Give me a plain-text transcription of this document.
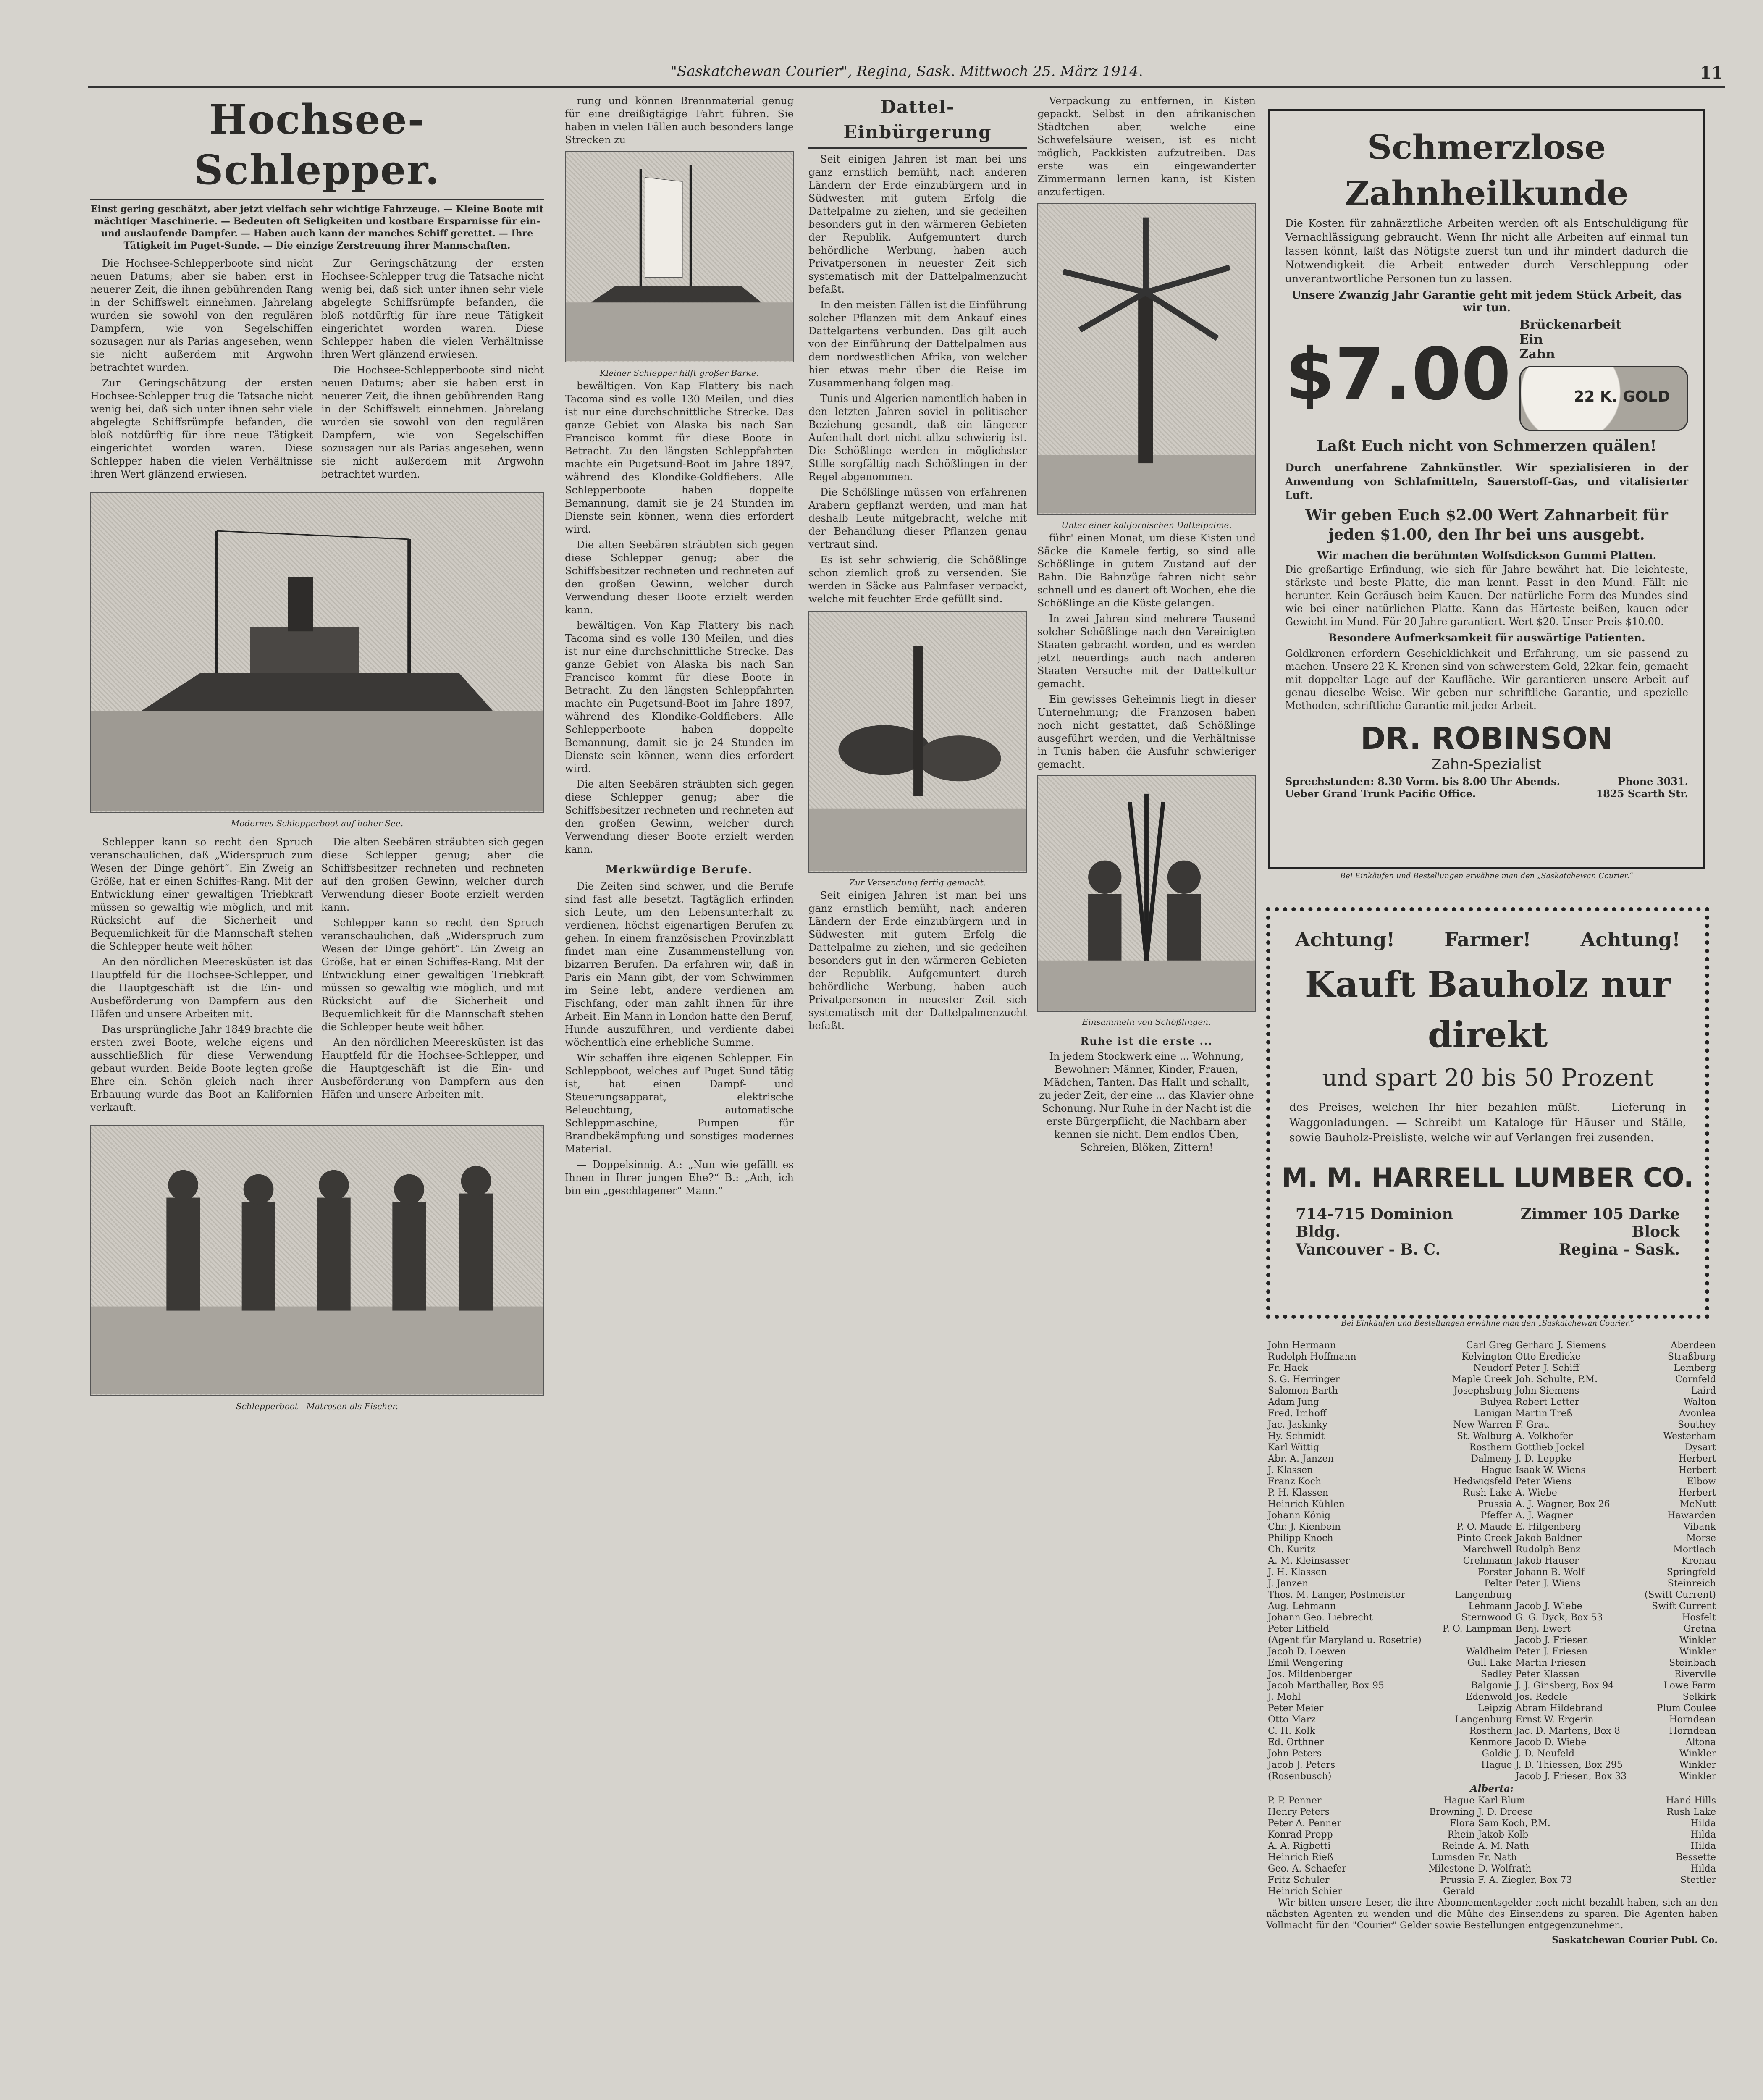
"Saskatchewan Courier", Regina, Sask. Mittwoch 25. März 1914.	11
Hochsee-Schlepper.
Einst gering geschätzt, aber jetzt vielfach sehr wichtige Fahrzeuge. — Kleine Boote mit mächtiger Maschinerie. — Bedeuten oft Seligkeiten und kostbare Ersparnisse für ein- und auslaufende Dampfer. — Haben auch kann der manches Schiff gerettet. — Ihre Tätigkeit im Puget-Sunde. — Die einzige Zerstreuung ihrer Mannschaften.

Die Hochsee-Schlepperboote sind nicht neuen Datums; aber sie haben erst in neuerer Zeit, die ihnen gebührenden Rang in der Schiffswelt einnehmen. Jahrelang wurden sie sowohl von den regulären Dampfern, wie von Segelschiffen sozusagen nur als Parias angesehen, wenn sie nicht außerdem mit Argwohn betrachtet wurden.

Zur Geringschätzung der ersten Hochsee-Schlepper trug die Tatsache nicht wenig bei, daß sich unter ihnen sehr viele abgelegte Schiffsrümpfe befanden, die bloß notdürftig für ihre neue Tätigkeit eingerichtet worden waren. Diese Schlepper haben die vielen Verhältnisse ihren Wert glänzend erwiesen.

Zur Geringschätzung der ersten Hochsee-Schlepper trug die Tatsache nicht wenig bei, daß sich unter ihnen sehr viele abgelegte Schiffsrümpfe befanden, die bloß notdürftig für ihre neue Tätigkeit eingerichtet worden waren. Diese Schlepper haben die vielen Verhältnisse ihren Wert glänzend erwiesen.

Die Hochsee-Schlepperboote sind nicht neuen Datums; aber sie haben erst in neuerer Zeit, die ihnen gebührenden Rang in der Schiffswelt einnehmen. Jahrelang wurden sie sowohl von den regulären Dampfern, wie von Segelschiffen sozusagen nur als Parias angesehen, wenn sie nicht außerdem mit Argwohn betrachtet wurden.

Modernes Schlepperboot auf hoher See.

Schlepper kann so recht den Spruch veranschaulichen, daß „Widerspruch zum Wesen der Dinge gehört“. Ein Zweig an Größe, hat er einen Schiffes-Rang. Mit der Entwicklung einer gewaltigen Triebkraft müssen so gewaltig wie möglich, und mit Rücksicht auf die Sicherheit und Bequemlichkeit für die Mannschaft stehen die Schlepper heute weit höher.

An den nördlichen Meeresküsten ist das Hauptfeld für die Hochsee-Schlepper, und die Hauptgeschäft ist die Ein- und Ausbeförderung von Dampfern aus den Häfen und unsere Arbeiten mit.

Das ursprüngliche Jahr 1849 brachte die ersten zwei Boote, welche eigens und ausschließlich für diese Verwendung gebaut wurden. Beide Boote legten große Ehre ein. Schön gleich nach ihrer Erbauung wurde das Boot an Kalifornien verkauft.

Die alten Seebären sträubten sich gegen diese Schlepper genug; aber die Schiffsbesitzer rechneten und rechneten auf den großen Gewinn, welcher durch Verwendung dieser Boote erzielt werden kann.

Schlepper kann so recht den Spruch veranschaulichen, daß „Widerspruch zum Wesen der Dinge gehört“. Ein Zweig an Größe, hat er einen Schiffes-Rang. Mit der Entwicklung einer gewaltigen Triebkraft müssen so gewaltig wie möglich, und mit Rücksicht auf die Sicherheit und Bequemlichkeit für die Mannschaft stehen die Schlepper heute weit höher.

An den nördlichen Meeresküsten ist das Hauptfeld für die Hochsee-Schlepper, und die Hauptgeschäft ist die Ein- und Ausbeförderung von Dampfern aus den Häfen und unsere Arbeiten mit.

Schlepperboot - Matrosen als Fischer.

rung und können Brennmaterial genug für eine dreißigtägige Fahrt führen. Sie haben in vielen Fällen auch besonders lange Strecken zu

Kleiner Schlepper hilft großer Barke.

bewältigen. Von Kap Flattery bis nach Tacoma sind es volle 130 Meilen, und dies ist nur eine durchschnittliche Strecke. Das ganze Gebiet von Alaska bis nach San Francisco kommt für diese Boote in Betracht. Zu den längsten Schleppfahrten machte ein Pugetsund-Boot im Jahre 1897, während des Klondike-Goldfiebers. Alle Schlepperboote haben doppelte Bemannung, damit sie je 24 Stunden im Dienste sein können, wenn dies erfordert wird.

Die alten Seebären sträubten sich gegen diese Schlepper genug; aber die Schiffsbesitzer rechneten und rechneten auf den großen Gewinn, welcher durch Verwendung dieser Boote erzielt werden kann.

bewältigen. Von Kap Flattery bis nach Tacoma sind es volle 130 Meilen, und dies ist nur eine durchschnittliche Strecke. Das ganze Gebiet von Alaska bis nach San Francisco kommt für diese Boote in Betracht. Zu den längsten Schleppfahrten machte ein Pugetsund-Boot im Jahre 1897, während des Klondike-Goldfiebers. Alle Schlepperboote haben doppelte Bemannung, damit sie je 24 Stunden im Dienste sein können, wenn dies erfordert wird.

Die alten Seebären sträubten sich gegen diese Schlepper genug; aber die Schiffsbesitzer rechneten und rechneten auf den großen Gewinn, welcher durch Verwendung dieser Boote erzielt werden kann.

Merkwürdige Berufe.

Die Zeiten sind schwer, und die Berufe sind fast alle besetzt. Tagtäglich erfinden sich Leute, um den Lebensunterhalt zu verdienen, höchst eigenartigen Berufen zu gehen. In einem französischen Provinzblatt findet man eine Zusammenstellung von bizarren Berufen. Da erfahren wir, daß in Paris ein Mann gibt, der vom Schwimmen im Seine lebt, andere verdienen am Fischfang, oder man zahlt ihnen für ihre Arbeit. Ein Mann in London hatte den Beruf, Hunde auszuführen, und verdiente dabei wöchentlich eine erhebliche Summe.

Wir schaffen ihre eigenen Schlepper. Ein Schleppboot, welches auf Puget Sund tätig ist, hat einen Dampf- und Steuerungsapparat, elektrische Beleuchtung, automatische Schleppmaschine, Pumpen für Brandbekämpfung und sonstiges modernes Material.

— Doppelsinnig. A.: „Nun wie gefällt es Ihnen in Ihrer jungen Ehe?“ B.: „Ach, ich bin ein „geschlagener“ Mann.“

Dattel-Einbürgerung

Seit einigen Jahren ist man bei uns ganz ernstlich bemüht, nach anderen Ländern der Erde einzubürgern und in Südwesten mit gutem Erfolg die Dattelpalme zu ziehen, und sie gedeihen besonders gut in den wärmeren Gebieten der Republik. Aufgemuntert durch behördliche Werbung, haben auch Privatpersonen in neuester Zeit sich systematisch mit der Dattelpalmenzucht befaßt.

In den meisten Fällen ist die Einführung solcher Pflanzen mit dem Ankauf eines Dattelgartens verbunden. Das gilt auch von der Einführung der Dattelpalmen aus dem nordwestlichen Afrika, von welcher hier etwas mehr über die Reise im Zusammenhang folgen mag.

Tunis und Algerien namentlich haben in den letzten Jahren soviel in politischer Beziehung gesandt, daß ein längerer Aufenthalt dort nicht allzu schwierig ist. Die Schößlinge werden in möglichster Stille sorgfältig nach Schößlingen in der Regel abgenommen.

Die Schößlinge müssen von erfahrenen Arabern gepflanzt werden, und man hat deshalb Leute mitgebracht, welche mit der Behandlung dieser Pflanzen genau vertraut sind.

Es ist sehr schwierig, die Schößlinge schon ziemlich groß zu versenden. Sie werden in Säcke aus Palmfaser verpackt, welche mit feuchter Erde gefüllt sind.

Zur Versendung fertig gemacht.

Seit einigen Jahren ist man bei uns ganz ernstlich bemüht, nach anderen Ländern der Erde einzubürgern und in Südwesten mit gutem Erfolg die Dattelpalme zu ziehen, und sie gedeihen besonders gut in den wärmeren Gebieten der Republik. Aufgemuntert durch behördliche Werbung, haben auch Privatpersonen in neuester Zeit sich systematisch mit der Dattelpalmenzucht befaßt.

Verpackung zu entfernen, in Kisten gepackt. Selbst in den afrikanischen Städtchen aber, welche eine Schwefelsäure weisen, ist es nicht möglich, Packkisten aufzutreiben. Das erste was ein eingewanderter Zimmermann lernen kann, ist Kisten anzufertigen.

Unter einer kalifornischen Dattelpalme.

führ' einen Monat, um diese Kisten und Säcke die Kamele fertig, so sind alle Schößlinge in gutem Zustand auf der Bahn. Die Bahnzüge fahren nicht sehr schnell und es dauert oft Wochen, ehe die Schößlinge an die Küste gelangen.

In zwei Jahren sind mehrere Tausend solcher Schößlinge nach den Vereinigten Staaten gebracht worden, und es werden jetzt neuerdings auch nach anderen Staaten Versuche mit der Dattelkultur gemacht.

Ein gewisses Geheimnis liegt in dieser Unternehmung; die Franzosen haben noch nicht gestattet, daß Schößlinge ausgeführt werden, und die Verhältnisse in Tunis haben die Ausfuhr schwieriger gemacht.

Einsammeln von Schößlingen.
Ruhe ist die erste ...

In jedem Stockwerk eine ... Wohnung, Bewohner: Männer, Kinder, Frauen, Mädchen, Tanten. Das Hallt und schallt, zu jeder Zeit, der eine ... das Klavier ohne Schonung. Nur Ruhe in der Nacht ist die erste Bürgerpflicht, die Nachbarn aber kennen sie nicht. Dem endlos Üben, Schreien, Blöken, Zittern!

Schmerzlose Zahnheilkunde
Die Kosten für zahnärztliche Arbeiten werden oft als Entschuldigung für Vernachlässigung gebraucht. Wenn Ihr nicht alle Arbeiten auf einmal tun lassen könnt, laßt das Nötigste zuerst tun und ihr mindert dadurch die Notwendigkeit die Arbeit entweder durch Verschleppung oder unverantwortliche Personen tun zu lassen.
Unsere Zwanzig Jahr Garantie geht mit jedem Stück Arbeit, das wir tun.
$7.00
Brückenarbeit Ein Zahn
22 K. GOLD
Laßt Euch nicht von Schmerzen quälen!
Durch unerfahrene Zahnkünstler. Wir spezialisieren in der Anwendung von Schlafmitteln, Sauerstoff-Gas, und vitalisierter Luft.
Wir geben Euch $2.00 Wert Zahnarbeit für jeden $1.00, den Ihr bei uns ausgebt.
Wir machen die berühmten Wolfsdickson Gummi Platten.
Die großartige Erfindung, wie sich für Jahre bewährt hat. Die leichteste, stärkste und beste Platte, die man kennt. Passt in den Mund. Fällt nie herunter. Kein Geräusch beim Kauen. Der natürliche Form des Mundes sind wie bei einer natürlichen Platte. Kann das Härteste beißen, kauen oder Gewicht im Mund. Für 20 Jahre garantiert. Wert $20. Unser Preis $10.00.
Besondere Aufmerksamkeit für auswärtige Patienten.
Goldkronen erfordern Geschicklichkeit und Erfahrung, um sie passend zu machen. Unsere 22 K. Kronen sind von schwerstem Gold, 22kar. fein, gemacht mit doppelter Lage auf der Kaufläche. Wir garantieren unsere Arbeit auf genau dieselbe Weise. Wir geben nur schriftliche Garantie, und spezielle Methoden, schriftliche Garantie mit jeder Arbeit.
DR. ROBINSON
Zahn-Spezialist
Sprechstunden: 8.30 Vorm. bis 8.00 Uhr Abends.	Phone 3031.
Ueber Grand Trunk Pacific Office.	1825 Scarth Str.
Bei Einkäufen und Bestellungen erwähne man den „Saskatchewan Courier.“
Achtung!	Farmer!	Achtung!
Kauft Bauholz nur direkt
und spart 20 bis 50 Prozent
des Preises, welchen Ihr hier bezahlen müßt. — Lieferung in Waggonladungen. — Schreibt um Kataloge für Häuser und Ställe, sowie Bauholz-Preisliste, welche wir auf Verlangen frei zusenden.
M. M. HARRELL LUMBER CO.
714-715 Dominion Bldg.
Vancouver - B. C.
Zimmer 105 Darke Block
Regina - Sask.
Bei Einkäufen und Bestellungen erwähne man den „Saskatchewan Courier.“
John Hermann	Carl Greg	Gerhard J. Siemens	Aberdeen
Rudolph Hoffmann	Kelvington	Otto Eredicke	Straßburg
Fr. Hack	Neudorf	Peter J. Schiff	Lemberg
S. G. Herringer	Maple Creek	Joh. Schulte, P.M.	Cornfeld
Salomon Barth	Josephsburg	John Siemens	Laird
Adam Jung	Bulyea	Robert Letter	Walton
Fred. Imhoff	Lanigan	Martin Treß	Avonlea
Jac. Jaskinky	New Warren	F. Grau	Southey
Hy. Schmidt	St. Walburg	A. Volkhofer	Westerham
Karl Wittig	Rosthern	Gottlieb Jockel	Dysart
Abr. A. Janzen	Dalmeny	J. D. Leppke	Herbert
J. Klassen	Hague	Isaak W. Wiens	Herbert
Franz Koch	Hedwigsfeld	Peter Wiens	Elbow
P. H. Klassen	Rush Lake	A. Wiebe	Herbert
Heinrich Kühlen	Prussia	A. J. Wagner, Box 26	McNutt
Johann König	Pfeffer	A. J. Wagner	Hawarden
Chr. J. Kienbein	P. O. Maude	E. Hilgenberg	Vibank
Philipp Knoch	Pinto Creek	Jakob Baldner	Morse
Ch. Kuritz	Marchwell	Rudolph Benz	Mortlach
A. M. Kleinsasser	Crehmann	Jakob Hauser	Kronau
J. H. Klassen	Forster	Johann B. Wolf	Springfeld
J. Janzen	Pelter	Peter J. Wiens	Steinreich
Thos. M. Langer, Postmeister	Langenburg		(Swift Current)
Aug. Lehmann	Lehmann	Jacob J. Wiebe	Swift Current
Johann Geo. Liebrecht	Sternwood	G. G. Dyck, Box 53	Hosfelt
Peter Litfield	P. O. Lampman	Benj. Ewert	Gretna
(Agent für Maryland u. Rosetrie)		Jacob J. Friesen	Winkler
Jacob D. Loewen	Waldheim	Peter J. Friesen	Winkler
Emil Wengering	Gull Lake	Martin Friesen	Steinbach
Jos. Mildenberger	Sedley	Peter Klassen	Rivervlle
Jacob Marthaller, Box 95	Balgonie	J. J. Ginsberg, Box 94	Lowe Farm
J. Mohl	Edenwold	Jos. Redele	Selkirk
Peter Meier	Leipzig	Abram Hildebrand	Plum Coulee
Otto Marz	Langenburg	Ernst W. Ergerin	Horndean
C. H. Kolk	Rosthern	Jac. D. Martens, Box 8	Horndean
Ed. Orthner	Kenmore	Jacob D. Wiebe	Altona
John Peters	Goldie	J. D. Neufeld	Winkler
Jacob J. Peters	Hague	J. D. Thiessen, Box 295	Winkler
(Rosenbusch)		Jacob J. Friesen, Box 33	Winkler
Alberta:
P. P. Penner	Hague	Karl Blum	Hand Hills
Henry Peters	Browning	J. D. Dreese	Rush Lake
Peter A. Penner	Flora	Sam Koch, P.M.	Hilda
Konrad Propp	Rhein	Jakob Kolb	Hilda
A. A. Rigbetti	Reinde	A. M. Nath	Hilda
Heinrich Rieß	Lumsden	Fr. Nath	Bessette
Geo. A. Schaefer	Milestone	D. Wolfrath	Hilda
Fritz Schuler	Prussia	F. A. Ziegler, Box 73	Stettler
Heinrich Schier	Gerald		

Wir bitten unsere Leser, die ihre Abonnementsgelder noch nicht bezahlt haben, sich an den nächsten Agenten zu wenden und die Mühe des Einsendens zu sparen. Die Agenten haben Vollmacht für den "Courier" Gelder sowie Bestellungen entgegenzunehmen.

Saskatchewan Courier Publ. Co.
